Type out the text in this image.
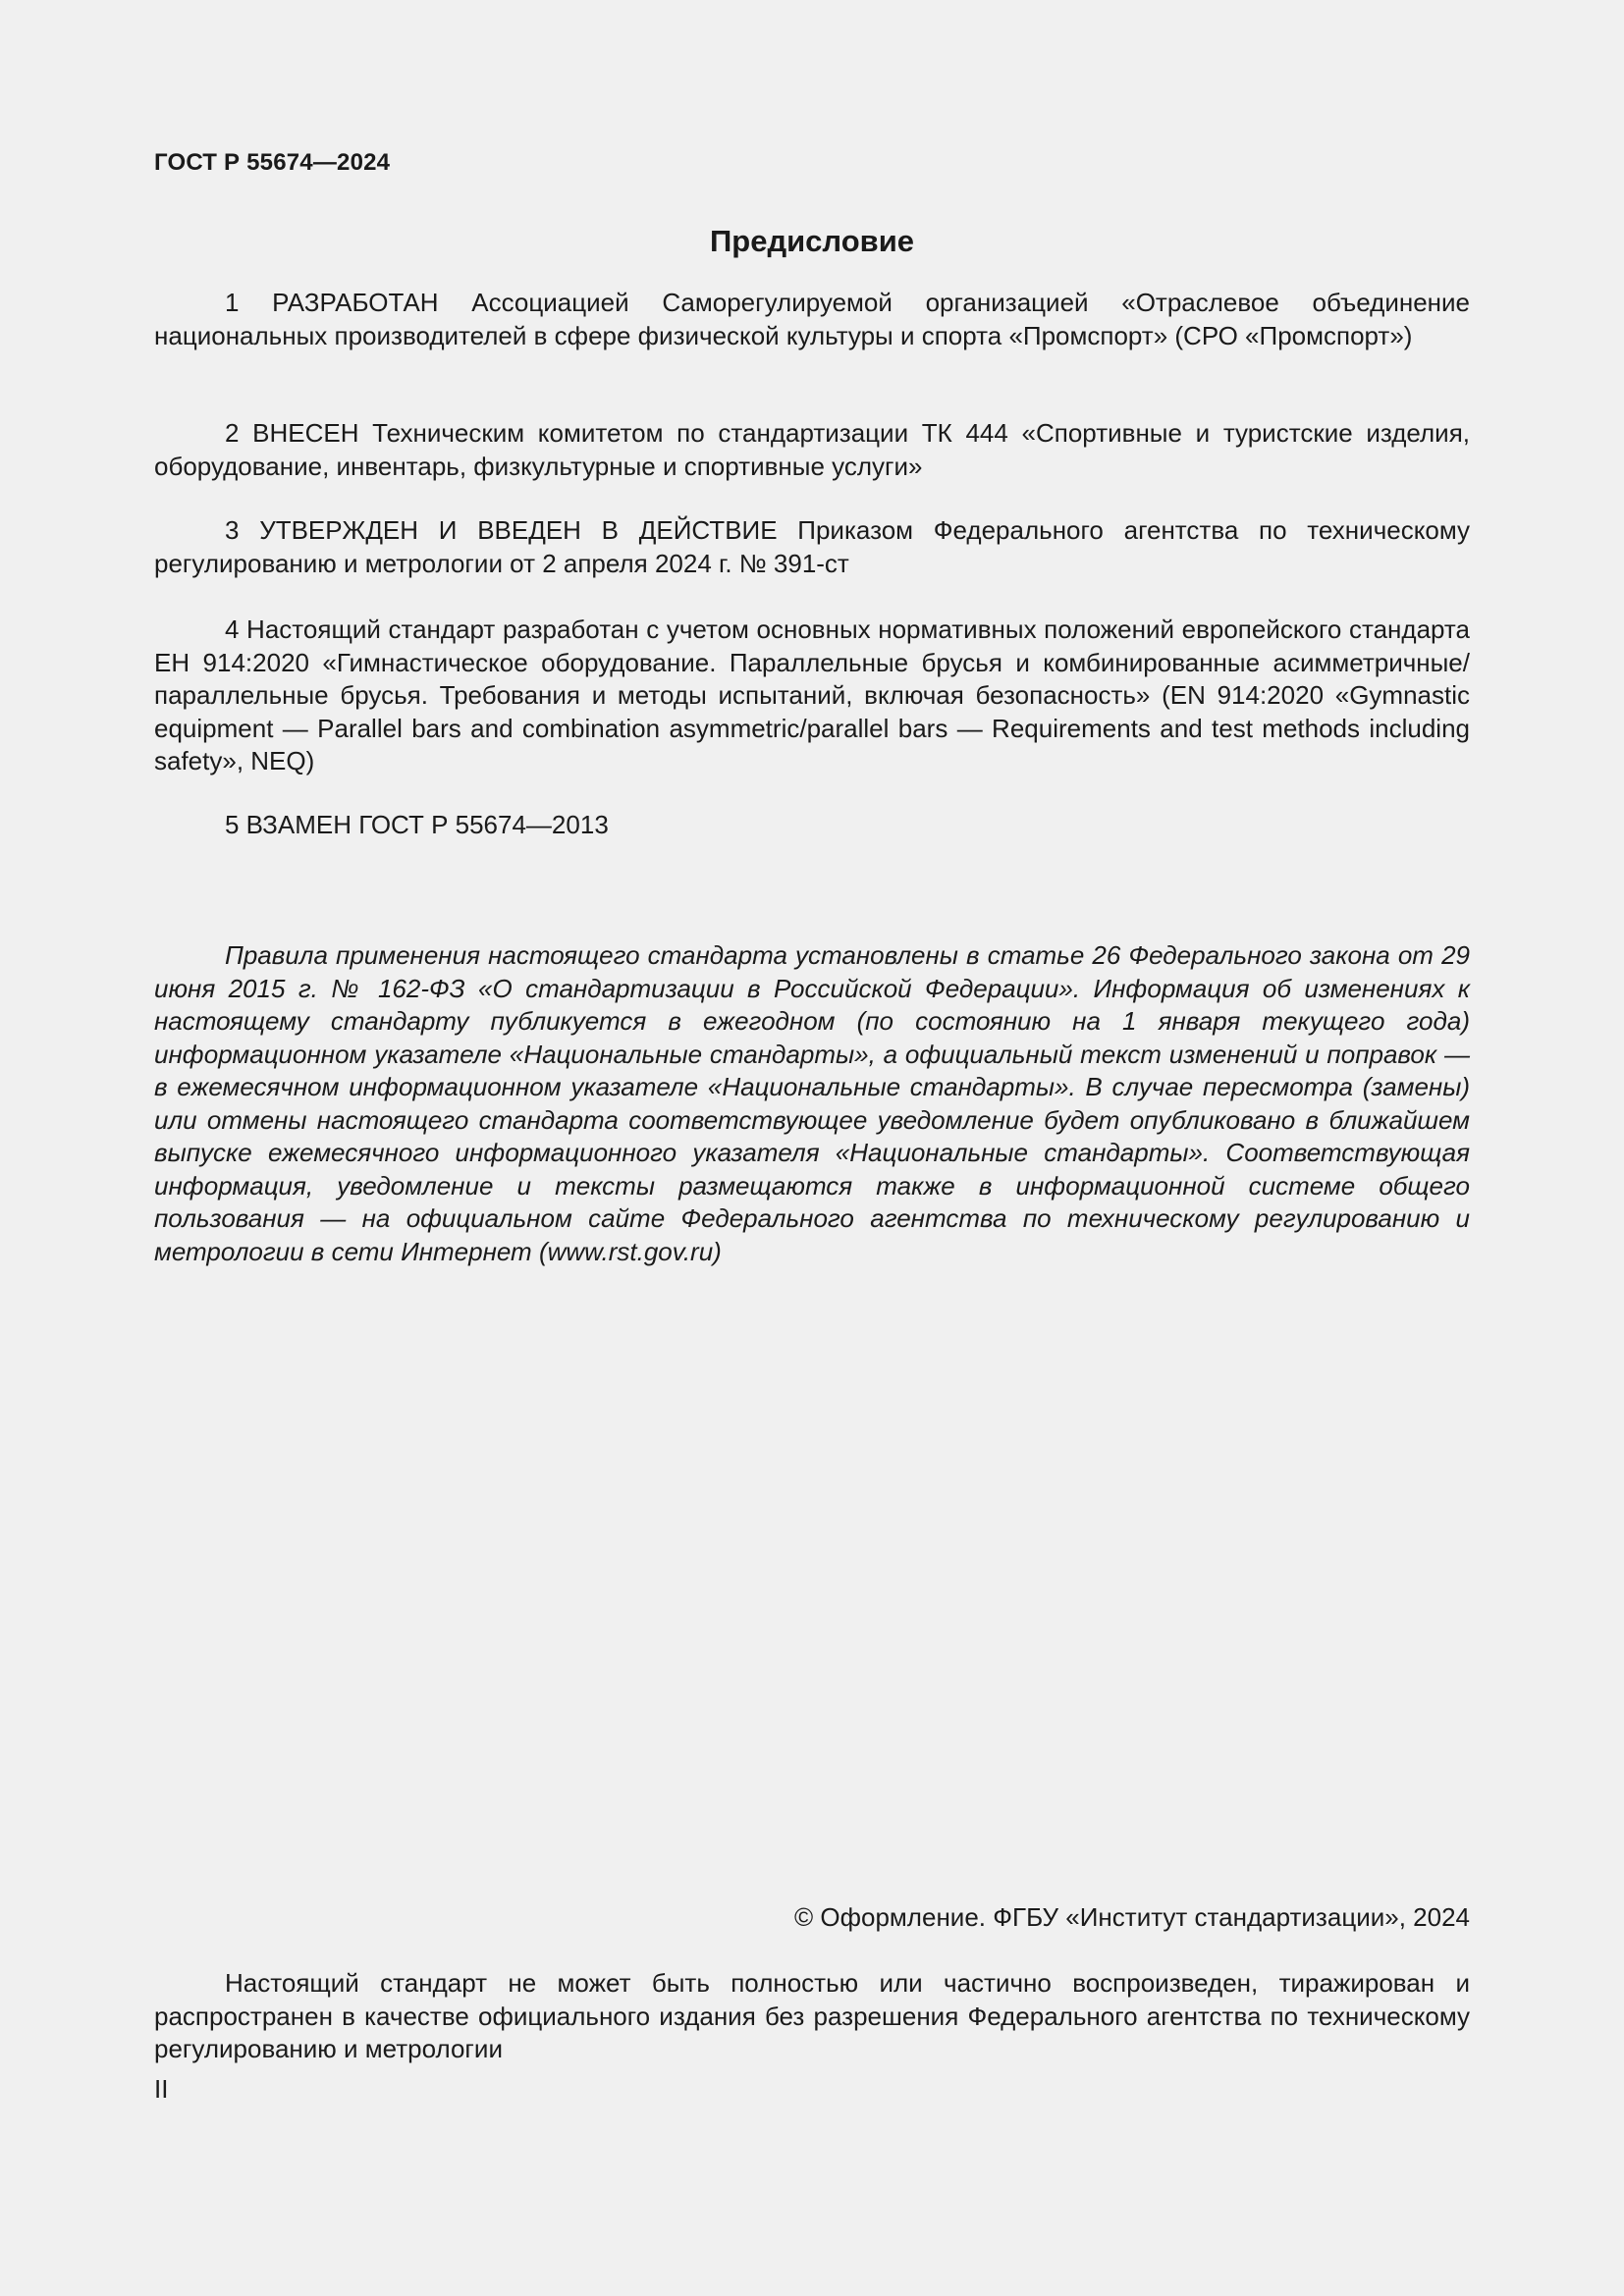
ГОСТ Р 55674—2024
Предисловие

1 РАЗРАБОТАН Ассоциацией Саморегулируемой организацией «Отраслевое объединение национальных производителей в сфере физической культуры и спорта «Промспорт» (СРО «Промспорт»)

2 ВНЕСЕН Техническим комитетом по стандартизации ТК 444 «Спортивные и туристские изделия, оборудование, инвентарь, физкультурные и спортивные услуги»

3 УТВЕРЖДЕН И ВВЕДЕН В ДЕЙСТВИЕ Приказом Федерального агентства по техническому регулированию и метрологии от 2 апреля 2024 г. № 391-ст

4 Настоящий стандарт разработан с учетом основных нормативных положений европейского стандарта ЕН 914:2020 «Гимнастическое оборудование. Параллельные брусья и комбинированные асимметричные/параллельные брусья. Требования и методы испытаний, включая безопасность» (EN 914:2020 «Gymnastic equipment — Parallel bars and combination asymmetric/parallel bars — Requirements and test methods including safety», NEQ)

5 ВЗАМЕН ГОСТ Р 55674—2013

Правила применения настоящего стандарта установлены в статье 26 Федерального закона от 29 июня 2015 г. № 162-ФЗ «О стандартизации в Российской Федерации». Информация об изменениях к настоящему стандарту публикуется в ежегодном (по состоянию на 1 января текущего года) информационном указателе «Национальные стандарты», а официальный текст изменений и поправок — в ежемесячном информационном указателе «Национальные стандарты». В случае пересмотра (замены) или отмены настоящего стандарта соответствующее уведомление будет опубликовано в ближайшем выпуске ежемесячного информационного указателя «Национальные стандарты». Соответствующая информация, уведомление и тексты размещаются также в информационной системе общего пользования — на официальном сайте Федерального агентства по техническому регулированию и метрологии в сети Интернет (www.rst.gov.ru)

© Оформление. ФГБУ «Институт стандартизации», 2024

Настоящий стандарт не может быть полностью или частично воспроизведен, тиражирован и распространен в качестве официального издания без разрешения Федерального агентства по техническому регулированию и метрологии

II
